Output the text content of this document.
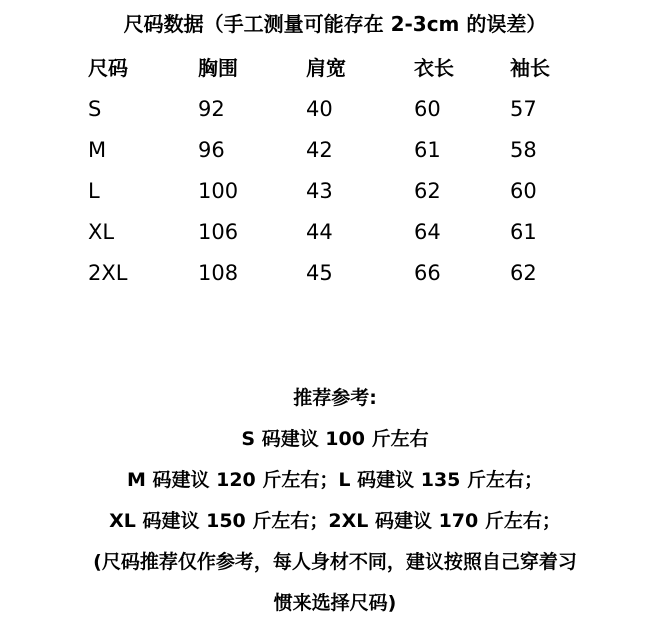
尺码数据（手工测量可能存在 2-3cm 的误差）
尺码	胸围	肩宽	衣长	袖长
S	92	40	60	57
M	96	42	61	58
L	100	43	62	60
XL	106	44	64	61
2XL	108	45	66	62
推荐参考:
S 码建议 100 斤左右
M 码建议 120 斤左右；L 码建议 135 斤左右；
XL 码建议 150 斤左右；2XL 码建议 170 斤左右；
(尺码推荐仅作参考，每人身材不同，建议按照自己穿着习
惯来选择尺码)
